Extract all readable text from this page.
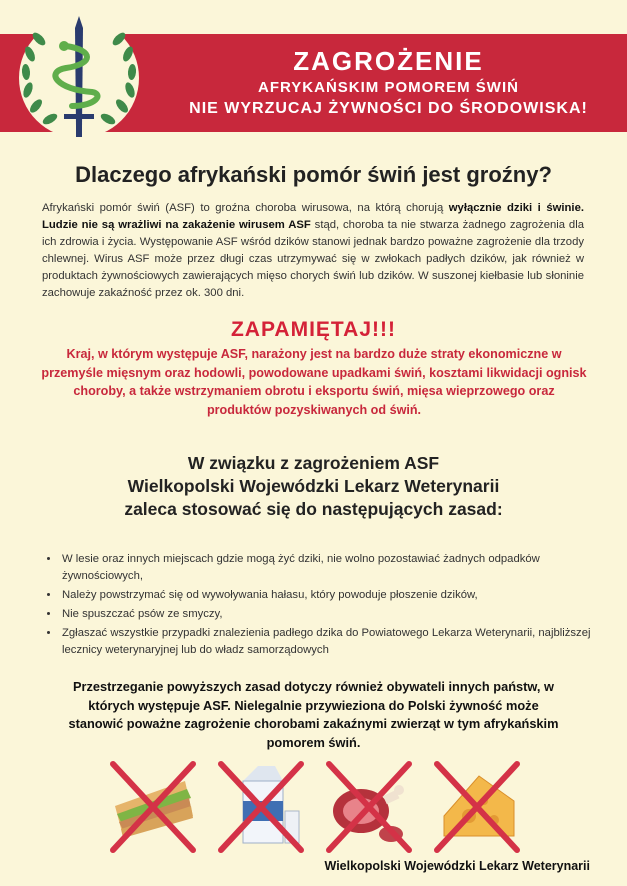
ZAGROŻENIE
AFRYKAŃSKIM POMOREM ŚWIŃ
NIE WYRZUCAJ ŻYWNOŚCI DO ŚRODOWISKA!
Dlaczego afrykański pomór świń jest groźny?
Afrykański pomór świń (ASF) to groźna choroba wirusowa, na którą chorują wyłącznie dziki i świnie. Ludzie nie są wrażliwi na zakażenie wirusem ASF stąd, choroba ta nie stwarza żadnego zagrożenia dla ich zdrowia i życia. Występowanie ASF wśród dzików stanowi jednak bardzo poważne zagrożenie dla trzody chlewnej. Wirus ASF może przez długi czas utrzymywać się w zwłokach padłych dzików, jak również w produktach żywnościowych zawierających mięso chorych świń lub dzików. W suszonej kiełbasie lub słoninie zachowuje zakaźność przez ok. 300 dni.
ZAPAMIĘTAJ!!!
Kraj, w którym występuje ASF, narażony jest na bardzo duże straty ekonomiczne w przemyśle mięsnym oraz hodowli, powodowane upadkami świń, kosztami likwidacji ognisk choroby, a także wstrzymaniem obrotu i eksportu świń, mięsa wieprzowego oraz produktów pozyskiwanych od świń.
W związku z zagrożeniem ASF
Wielkopolski Wojewódzki Lekarz Weterynarii
zaleca stosować się do następujących zasad:
• W lesie oraz innych miejscach gdzie mogą żyć dziki, nie wolno pozostawiać żadnych odpadków żywnościowych,
• Należy powstrzymać się od wywoływania hałasu, który powoduje płoszenie dzików,
• Nie spuszczać psów ze smyczy,
• Zgłaszać wszystkie przypadki znalezienia padłego dzika do Powiatowego Lekarza Weterynarii, najbliższej lecznicy weterynaryjnej lub do władz samorządowych
Przestrzeganie powyższych zasad dotyczy również obywateli innych państw, w których występuje ASF. Nielegalnie przywieziona do Polski żywność może stanowić poważne zagrożenie chorobami zakaźnymi zwierząt w tym afrykańskim pomorem świń.
Wielkopolski Wojewódzki Lekarz Weterynarii
